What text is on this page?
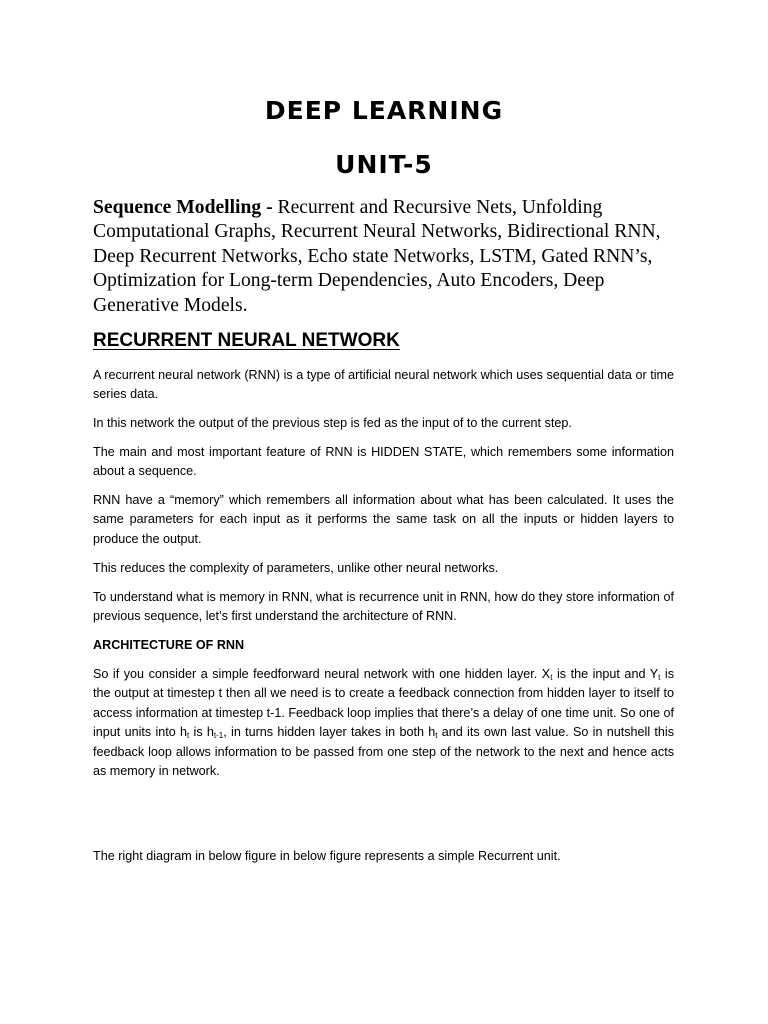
DEEP LEARNING
UNIT-5

Sequence Modelling - Recurrent and Recursive Nets, Unfolding Computational Graphs, Recurrent Neural Networks, Bidirectional RNN, Deep Recurrent Networks, Echo state Networks, LSTM, Gated RNN’s, Optimization for Long-term Dependencies, Auto Encoders, Deep Generative Models.

RECURRENT NEURAL NETWORK

A recurrent neural network (RNN) is a type of artificial neural network which uses sequential data or time series data.

In this network the output of the previous step is fed as the input of to the current step.

The main and most important feature of RNN is HIDDEN STATE, which remembers some information about a sequence.

RNN have a “memory” which remembers all information about what has been calculated. It uses the same parameters for each input as it performs the same task on all the inputs or hidden layers to produce the output.

This reduces the complexity of parameters, unlike other neural networks.

To understand what is memory in RNN, what is recurrence unit in RNN, how do they store information of previous sequence, let’s first understand the architecture of RNN.

ARCHITECTURE OF RNN

So if you consider a simple feedforward neural network with one hidden layer. $X_t$ is the input and $Y_t$ is the output at timestep t then all we need is to create a feedback connection from hidden layer to itself to access information at timestep t-1. Feedback loop implies that there’s a delay of one time unit. So one of input units into $h_t$ is $h_{t-1}$, in turns hidden layer takes in both $h_t$ and its own last value. So in nutshell this feedback loop allows information to be passed from one step of the network to the next and hence acts as memory in network.

The right diagram in below figure in below figure represents a simple Recurrent unit.
